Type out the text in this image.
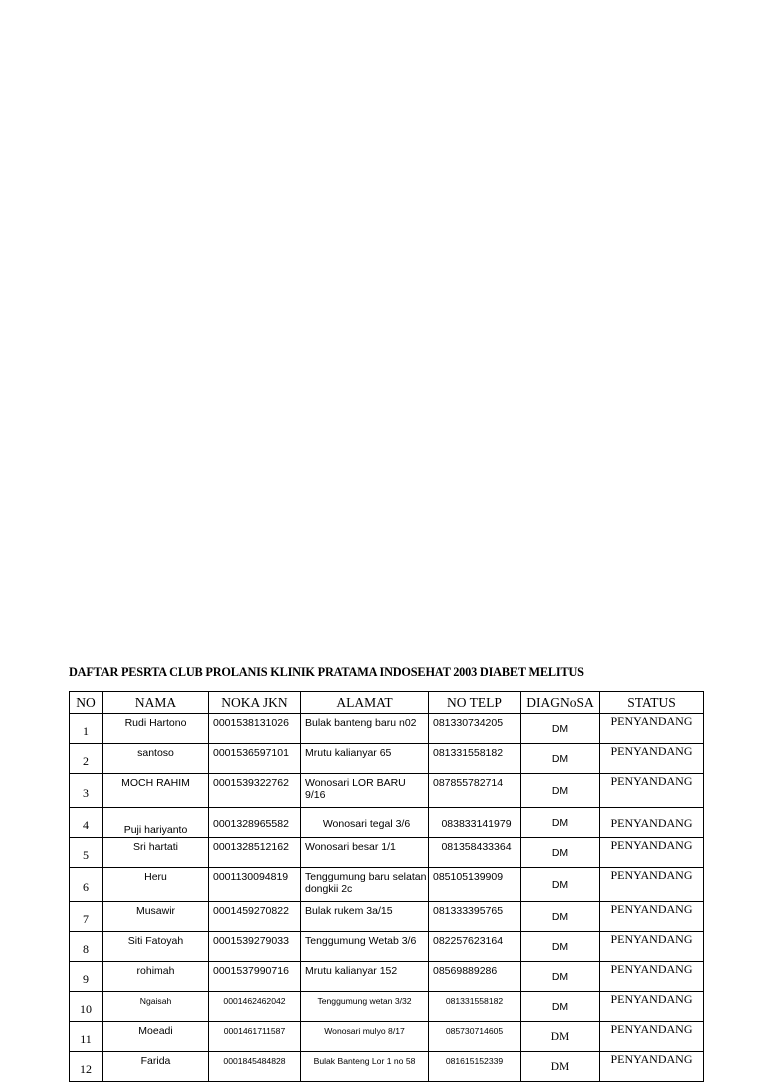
DAFTAR PESRTA CLUB PROLANIS KLINIK PRATAMA INDOSEHAT 2003 DIABET MELITUS
NO	NAMA	NOKA JKN	ALAMAT	NO TELP	DIAGNoSA	STATUS
1	Rudi Hartono	0001538131026	Bulak banteng baru n02	081330734205	DM	PENYANDANG
2	santoso	0001536597101	Mrutu kalianyar 65	081331558182	DM	PENYANDANG
3	MOCH RAHIM	0001539322762	Wonosari LOR BARU 9/16	087855782714	DM	PENYANDANG
4	Puji hariyanto	0001328965582	Wonosari tegal 3/6	083833141979	DM	PENYANDANG
5	Sri hartati	0001328512162	Wonosari besar 1/1	081358433364	DM	PENYANDANG
6	Heru	0001130094819	Tenggumung baru selatan dongkii 2c	085105139909	DM	PENYANDANG
7	Musawir	0001459270822	Bulak rukem 3a/15	081333395765	DM	PENYANDANG
8	Siti Fatoyah	0001539279033	Tenggumung Wetab 3/6	082257623164	DM	PENYANDANG
9	rohimah	0001537990716	Mrutu kalianyar 152	08569889286	DM	PENYANDANG
10	Ngaisah	0001462462042	Tenggumung wetan 3/32	081331558182	DM	PENYANDANG
11	Moeadi	0001461711587	Wonosari mulyo 8/17	085730714605	DM	PENYANDANG
12	Farida	0001845484828	Bulak Banteng Lor 1 no 58	081615152339	DM	PENYANDANG
